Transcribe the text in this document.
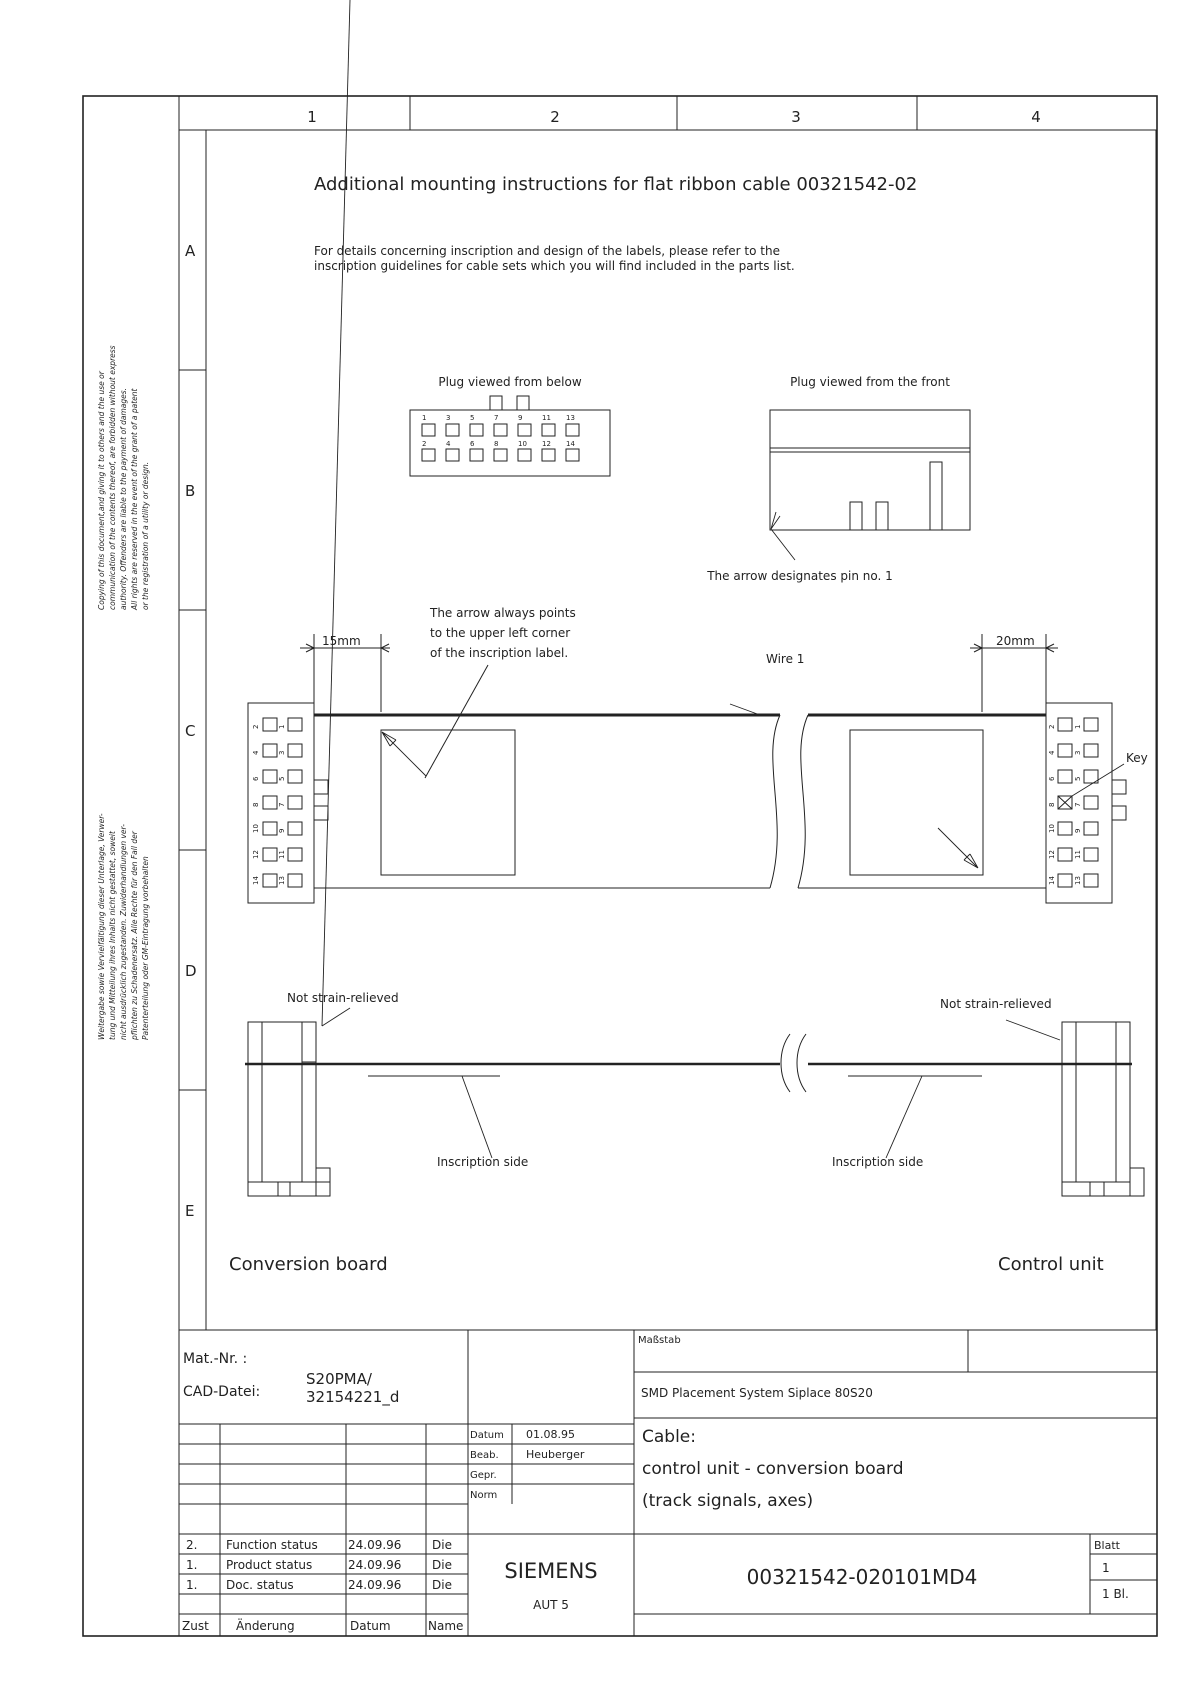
1	2	3	4
A
B
C
D
E
Copying of this document,and giving it to others and the use or communication of the contents thereof, are forbidden without express authority. Offenders are liable to the payment of damages. All rights are reserved in the event of the grant of a patent or the registration of a utility or design.
Weitergabe sowie Vervielfältigung dieser Unterlage, Verwer- tung und Mitteilung ihres Inhalts nicht gestattet, soweit nicht ausdrücklich zugestanden. Zuwiderhandlungen ver- pflichten zu Schadenersatz. Alle Rechte für den Fall der Patenterteilung oder GM-Eintragung vorbehalten
Additional mounting instructions for flat ribbon cable 00321542-02
For details concerning inscription and design of the labels, please refer to the
inscription guidelines for cable sets which you will find included in the parts list.
Plug viewed from below
1	3	5	7	9	11 13
2	4	6	8	10 12 14
Plug viewed from the front
The arrow designates pin no. 1
The arrow always points
to the upper left corner
of the inscription label.	Wire 1
Key
15mm	20mm
2	1
4	3
6	5
8	7
10	9
12	11
14	13
2	1
4	3
6	5
8	7
10	9
12	11
14	13
Not strain-relieved	Not strain-relieved
Inscription side	Inscription side
Conversion board	Control unit
Mat.-Nr. :
CAD-Datei:
S20PMA/
32154221_d
Maßstab
SMD Placement System Siplace 80S20
Datum 01.08.95
Beab. Heuberger
Gepr.
Norm
Cable:
control unit - conversion board
(track signals, axes)
2. Function status	24.09.96	Die
1. Product status	24.09.96	Die
1. Doc. status	24.09.96	Die
Zust Änderung	Datum	Name
SIEMENS
AUT 5
00321542-020101MD4
Blatt
1
1 Bl.
